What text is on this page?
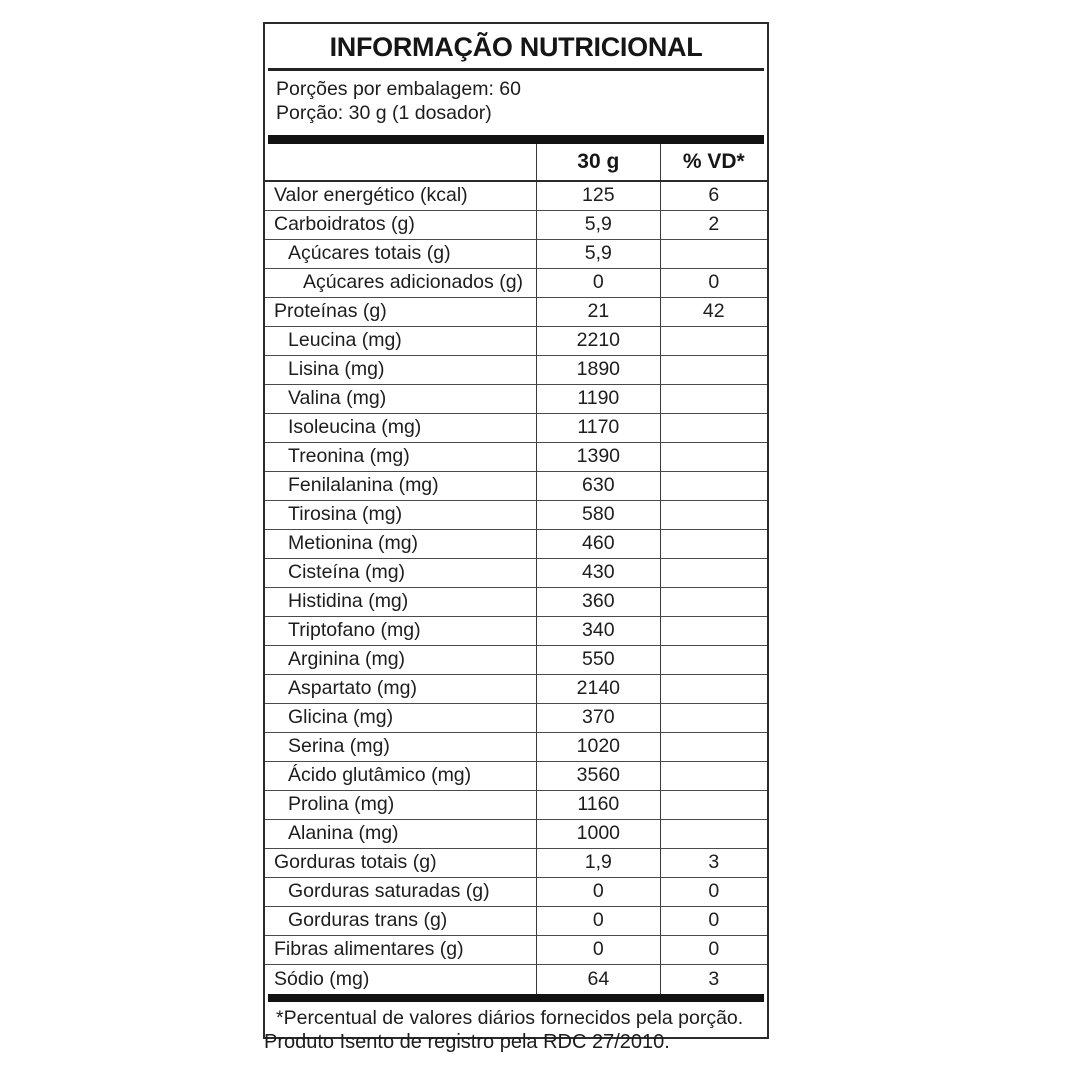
INFORMAÇÃO NUTRICIONAL
Porções por embalagem: 60
Porção: 30 g (1 dosador)
30 g	% VD*
Valor energético (kcal)	125	6
Carboidratos (g)	5,9	2
Açúcares totais (g)	5,9
Açúcares adicionados (g)	0	0
Proteínas (g)	21	42
Leucina (mg)	2210
Lisina (mg)	1890
Valina (mg)	1190
Isoleucina (mg)	1170
Treonina (mg)	1390
Fenilalanina (mg)	630
Tirosina (mg)	580
Metionina (mg)	460
Cisteína (mg)	430
Histidina (mg)	360
Triptofano (mg)	340
Arginina (mg)	550
Aspartato (mg)	2140
Glicina (mg)	370
Serina (mg)	1020
Ácido glutâmico (mg)	3560
Prolina (mg)	1160
Alanina (mg)	1000
Gorduras totais (g)	1,9	3
Gorduras saturadas (g)	0	0
Gorduras trans (g)	0	0
Fibras alimentares (g)	0	0
Sódio (mg)	64	3
*Percentual de valores diários fornecidos pela porção.
Produto Isento de registro pela RDC 27/2010.
